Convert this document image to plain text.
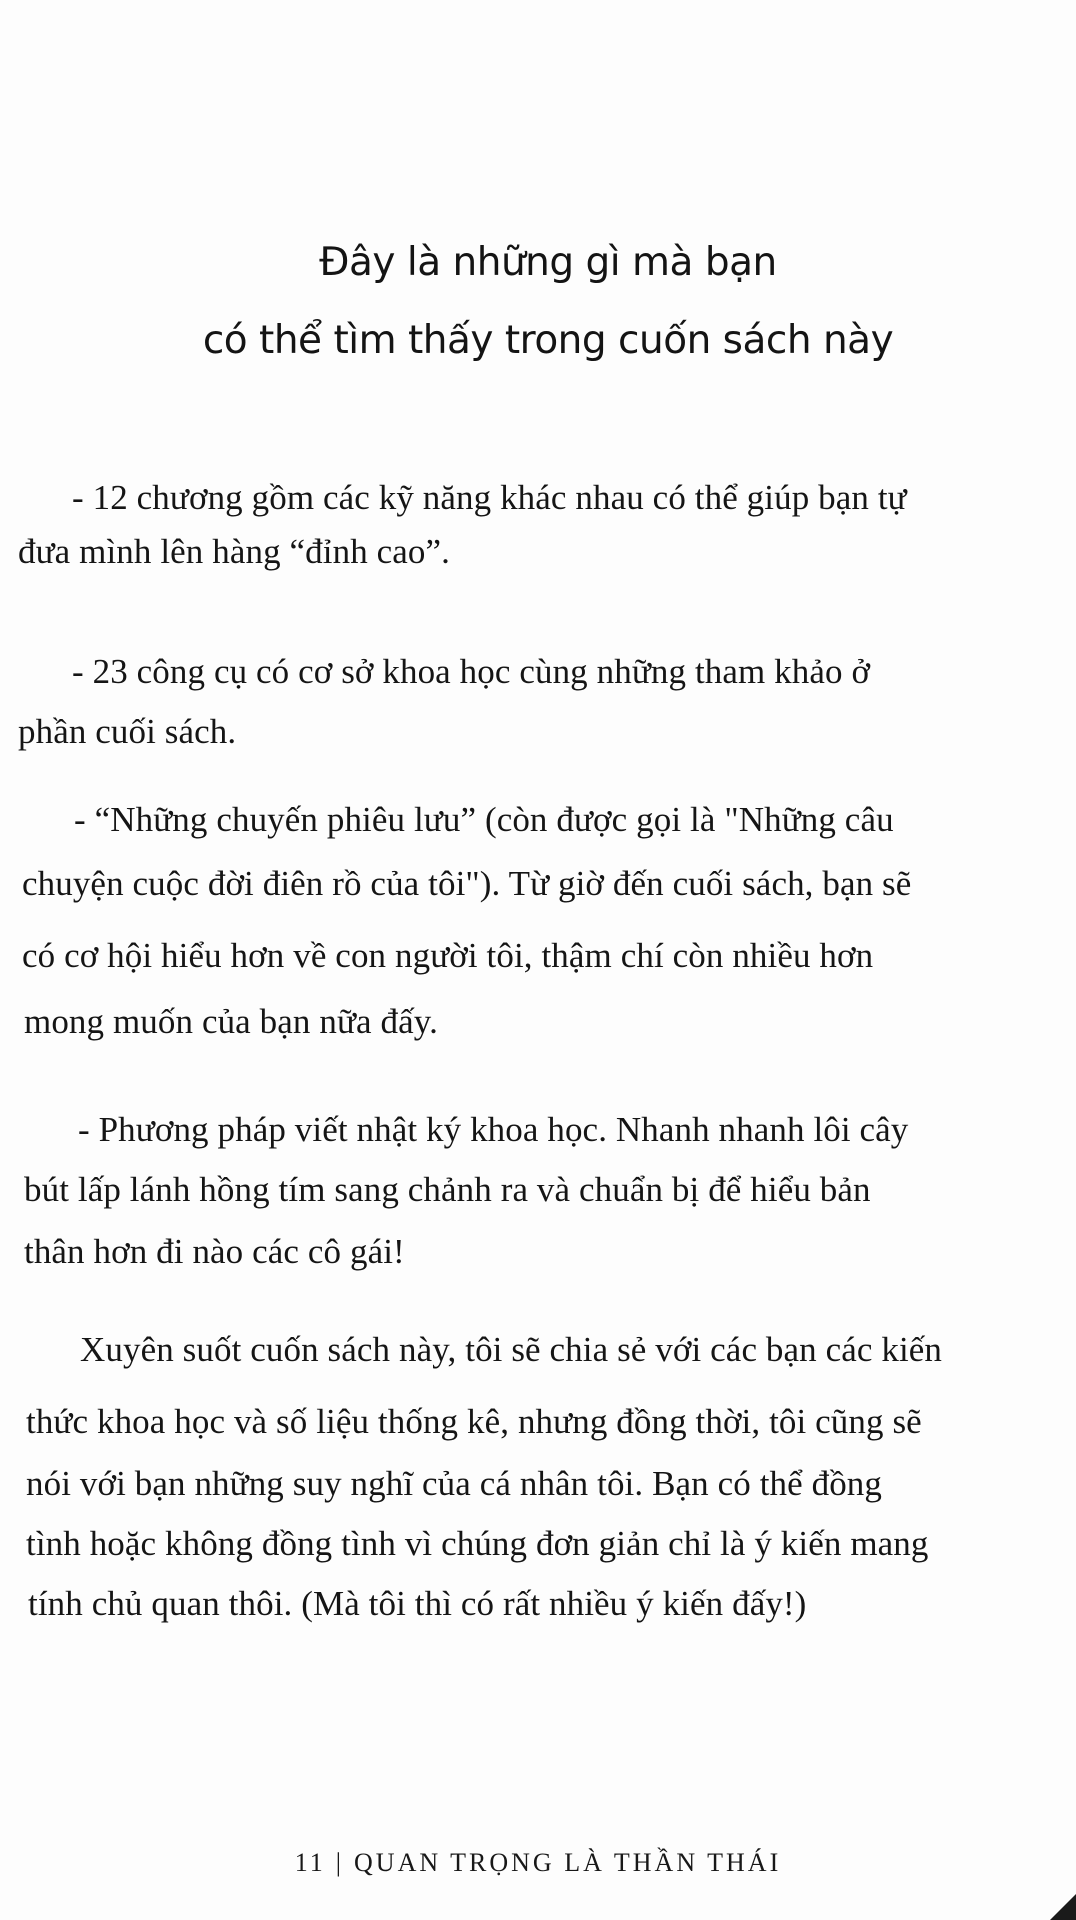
Đây là những gì mà bạn
có thể tìm thấy trong cuốn sách này

- 12 chương gồm các kỹ năng khác nhau có thể giúp bạn tự

đưa mình lên hàng “đỉnh cao”.

- 23 công cụ có cơ sở khoa học cùng những tham khảo ở

phần cuối sách.

- “Những chuyến phiêu lưu” (còn được gọi là "Những câu

chuyện cuộc đời điên rồ của tôi"). Từ giờ đến cuối sách, bạn sẽ

có cơ hội hiểu hơn về con người tôi, thậm chí còn nhiều hơn

mong muốn của bạn nữa đấy.

- Phương pháp viết nhật ký khoa học. Nhanh nhanh lôi cây

bút lấp lánh hồng tím sang chảnh ra và chuẩn bị để hiểu bản

thân hơn đi nào các cô gái!

Xuyên suốt cuốn sách này, tôi sẽ chia sẻ với các bạn các kiến

thức khoa học và số liệu thống kê, nhưng đồng thời, tôi cũng sẽ

nói với bạn những suy nghĩ của cá nhân tôi. Bạn có thể đồng

tình hoặc không đồng tình vì chúng đơn giản chỉ là ý kiến mang

tính chủ quan thôi. (Mà tôi thì có rất nhiều ý kiến đấy!)

11 | QUAN TRỌNG LÀ THẦN THÁI
